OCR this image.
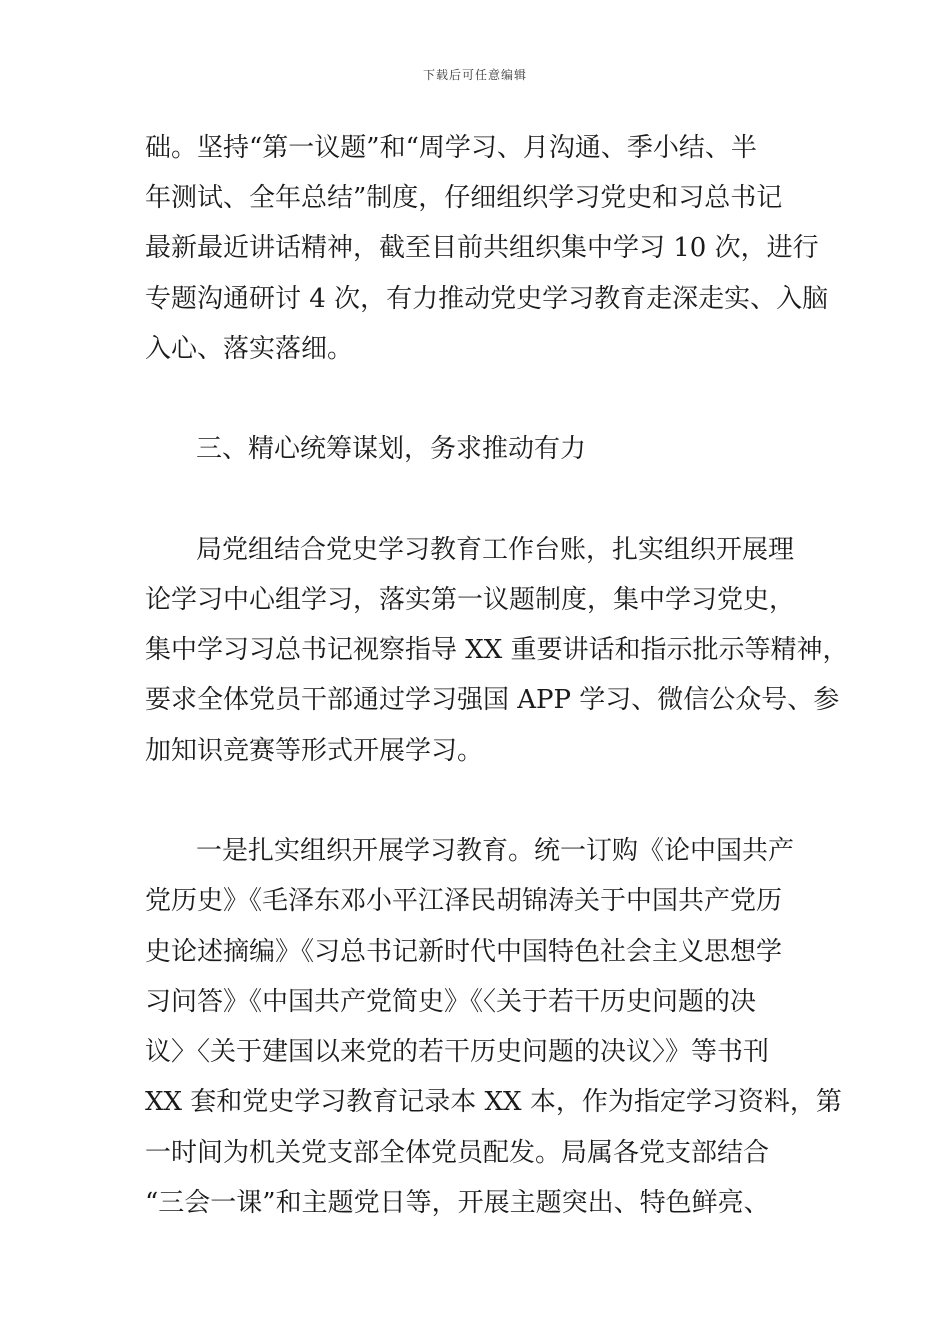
下载后可任意编辑
础。坚持“第一议题”和“周学习、月沟通、季小结、半
年测试、全年总结”制度，仔细组织学习党史和习总书记
最新最近讲话精神，截至目前共组织集中学习 10 次，进行
专题沟通研讨 4 次，有力推动党史学习教育走深走实、入脑
入心、落实落细。
三、精心统筹谋划，务求推动有力
局党组结合党史学习教育工作台账，扎实组织开展理
论学习中心组学习，落实第一议题制度，集中学习党史，
集中学习习总书记视察指导 XX 重要讲话和指示批示等精神，
要求全体党员干部通过学习强国 APP 学习、微信公众号、参
加知识竞赛等形式开展学习。
一是扎实组织开展学习教育。统一订购《论中国共产
党历史》《毛泽东邓小平江泽民胡锦涛关于中国共产党历
史论述摘编》《习总书记新时代中国特色社会主义思想学
习问答》《中国共产党简史》《〈关于若干历史问题的决
议〉〈关于建国以来党的若干历史问题的决议〉》等书刊
XX 套和党史学习教育记录本 XX 本，作为指定学习资料，第
一时间为机关党支部全体党员配发。局属各党支部结合
“三会一课”和主题党日等，开展主题突出、特色鲜亮、
